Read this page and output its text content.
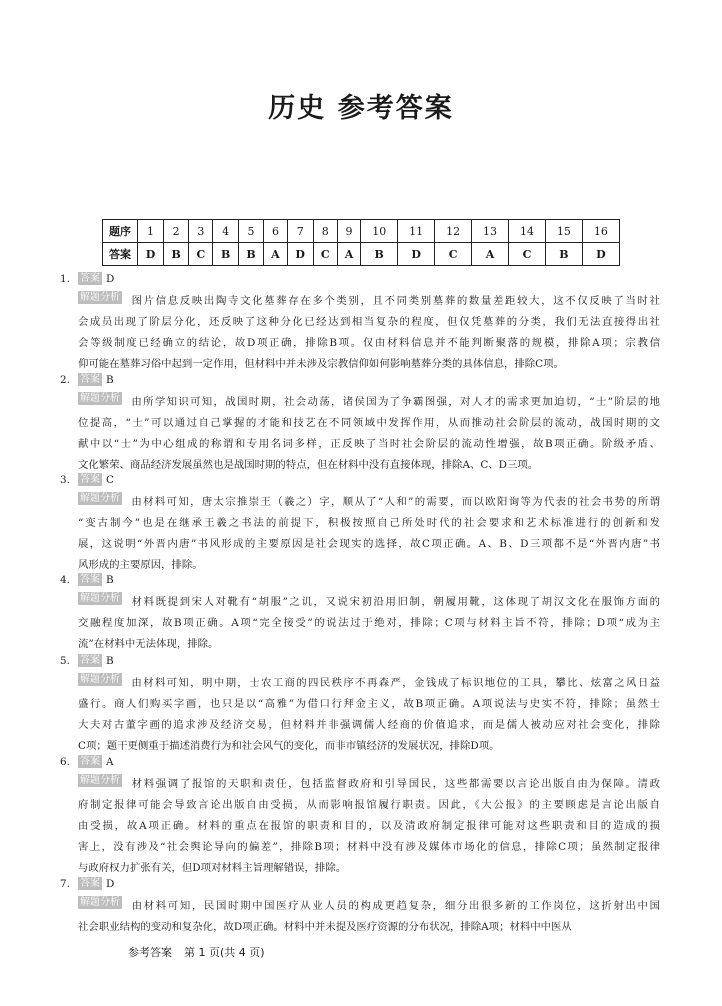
历史 参考答案
题序	1	2	3	4	5	6	7	8	9	10	11	12	13	14	15	16
答案	D	B	C	B	B	A	D	C	A	B	D	C	A	C	B	D
1. 答案 D
解题分析 图片信息反映出陶寺文化墓葬存在多个类别，且不同类别墓葬的数量差距较大，这不仅反映了当时社
会成员出现了阶层分化，还反映了这种分化已经达到相当复杂的程度，但仅凭墓葬的分类，我们无法直接得出社
会等级制度已经确立的结论，故D项正确，排除B项。仅由材料信息并不能判断聚落的规模，排除A项；宗教信
仰可能在墓葬习俗中起到一定作用，但材料中并未涉及宗教信仰如何影响墓葬分类的具体信息，排除C项。
2. 答案 B
解题分析 由所学知识可知，战国时期，社会动荡，诸侯国为了争霸图强，对人才的需求更加迫切，“士”阶层的地
位提高，“士”可以通过自己掌握的才能和技艺在不同领域中发挥作用，从而推动社会阶层的流动，战国时期的文
献中以“士”为中心组成的称谓和专用名词多样，正反映了当时社会阶层的流动性增强，故B项正确。阶级矛盾、
文化繁荣、商品经济发展虽然也是战国时期的特点，但在材料中没有直接体现，排除A、C、D三项。
3. 答案 C
解题分析 由材料可知，唐太宗推崇王（羲之）字，顺从了“人和”的需要，而以欧阳询等为代表的社会书势的所谓
“变古制今”也是在继承王羲之书法的前提下，积极按照自己所处时代的社会要求和艺术标准进行的创新和发
展，这说明“外晋内唐”书风形成的主要原因是社会现实的选择，故C项正确。A、B、D三项都不是“外晋内唐”书
风形成的主要原因，排除。
4. 答案 B
解题分析 材料既提到宋人对靴有“胡服”之讥，又说宋初沿用旧制，朝履用靴，这体现了胡汉文化在服饰方面的
交融程度加深，故B项正确。A项“完全接受”的说法过于绝对，排除；C项与材料主旨不符，排除；D项“成为主
流”在材料中无法体现，排除。
5. 答案 B
解题分析 由材料可知，明中期，士农工商的四民秩序不再森严，金钱成了标识地位的工具，攀比、炫富之风日益
盛行。商人们购买字画，也只是以“高雅”为借口行拜金主义，故B项正确。A项说法与史实不符，排除；虽然士
大夫对古董字画的追求涉及经济交易，但材料并非强调儒人经商的价值追求，而是儒人被动应对社会变化，排除
C项；题干更侧重于描述消费行为和社会风气的变化，而非市镇经济的发展状况，排除D项。
6. 答案 A
解题分析 材料强调了报馆的天职和责任，包括监督政府和引导国民，这些都需要以言论出版自由为保障。清政
府制定报律可能会导致言论出版自由受损，从而影响报馆履行职责。因此，《大公报》的主要顾虑是言论出版自
由受损，故A项正确。材料的重点在报馆的职责和目的，以及清政府制定报律可能对这些职责和目的造成的损
害上，没有涉及“社会舆论导向的偏差”，排除B项；材料中没有涉及媒体市场化的信息，排除C项；虽然制定报律
与政府权力扩张有关，但D项对材料主旨理解错误，排除。
7. 答案 D
解题分析 由材料可知，民国时期中国医疗从业人员的构成更趋复杂，细分出很多新的工作岗位，这折射出中国
社会职业结构的变动和复杂化，故D项正确。材料中并未提及医疗资源的分布状况，排除A项；材料中中医从
参考答案 第 1 页(共 4 页)
